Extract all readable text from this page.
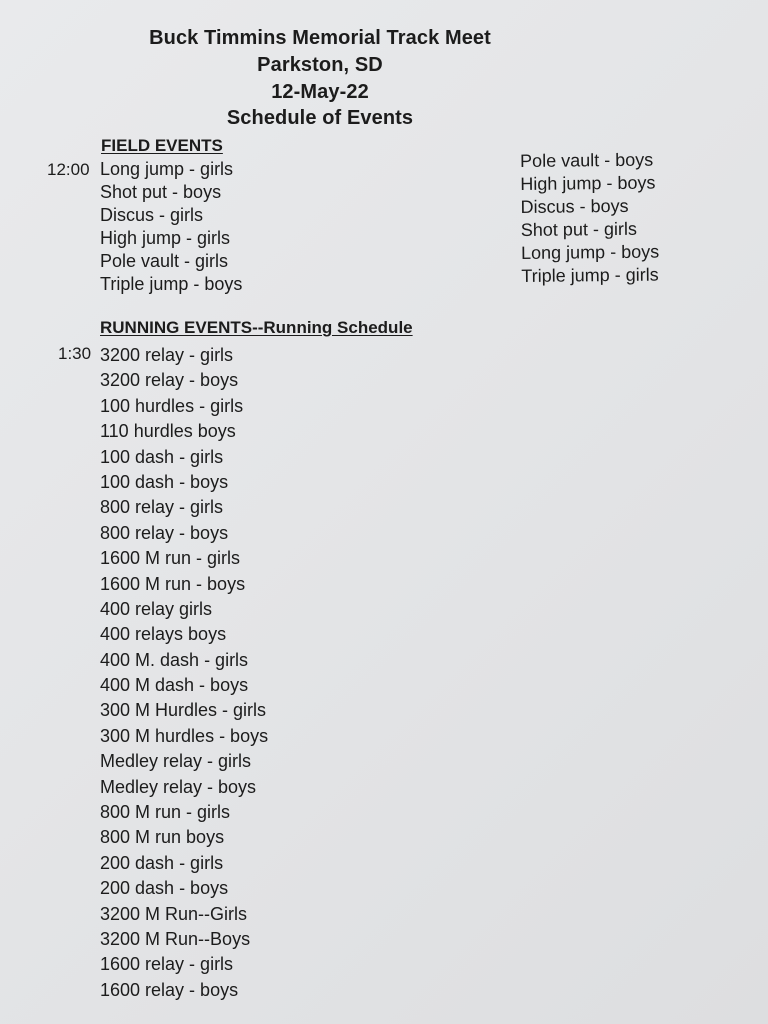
Buck Timmins Memorial Track Meet
Parkston, SD
12-May-22
Schedule of Events
FIELD EVENTS
12:00 Long jump - girls
Shot put - boys
Discus - girls
High jump - girls
Pole vault - girls
Triple jump - boys
Pole vault - boys
High jump - boys
Discus - boys
Shot put - girls
Long jump - boys
Triple jump - girls
RUNNING EVENTS--Running Schedule
1:30 3200 relay - girls
3200 relay - boys
100 hurdles - girls
110 hurdles boys
100 dash - girls
100 dash - boys
800 relay - girls
800 relay - boys
1600 M run - girls
1600 M run - boys
400 relay girls
400 relays boys
400 M. dash - girls
400 M dash - boys
300 M Hurdles - girls
300 M hurdles - boys
Medley relay - girls
Medley relay - boys
800 M run - girls
800 M run boys
200 dash - girls
200 dash - boys
3200 M Run--Girls
3200 M Run--Boys
1600 relay - girls
1600 relay - boys
